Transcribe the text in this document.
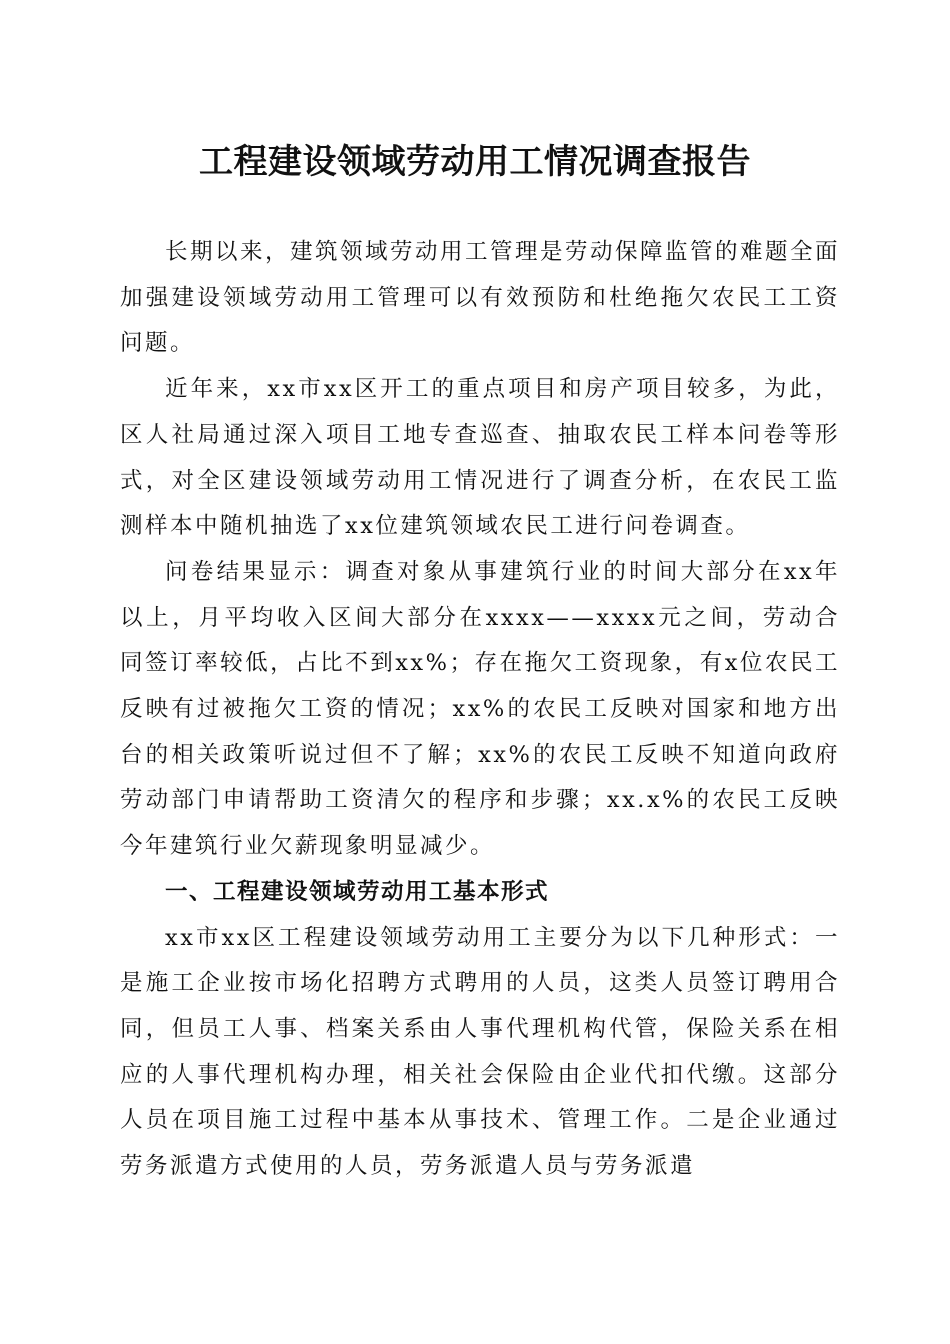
工程建设领域劳动用工情况调查报告

长期以来，建筑领域劳动用工管理是劳动保障监管的难题全面加强建设领域劳动用工管理可以有效预防和杜绝拖欠农民工工资问题。

近年来，xx市xx区开工的重点项目和房产项目较多，为此，区人社局通过深入项目工地专查巡查、抽取农民工样本问卷等形式，对全区建设领域劳动用工情况进行了调查分析，在农民工监测样本中随机抽选了xx位建筑领域农民工进行问卷调查。

问卷结果显示：调查对象从事建筑行业的时间大部分在xx年以上，月平均收入区间大部分在xxxx——xxxx元之间，劳动合同签订率较低，占比不到xx%；存在拖欠工资现象，有x位农民工反映有过被拖欠工资的情况；xx%的农民工反映对国家和地方出台的相关政策听说过但不了解；xx%的农民工反映不知道向政府劳动部门申请帮助工资清欠的程序和步骤；xx.x%的农民工反映今年建筑行业欠薪现象明显减少。

一、工程建设领域劳动用工基本形式

xx市xx区工程建设领域劳动用工主要分为以下几种形式：一是施工企业按市场化招聘方式聘用的人员，这类人员签订聘用合同，但员工人事、档案关系由人事代理机构代管，保险关系在相应的人事代理机构办理，相关社会保险由企业代扣代缴。这部分人员在项目施工过程中基本从事技术、管理工作。二是企业通过劳务派遣方式使用的人员，劳务派遣人员与劳务派遣
